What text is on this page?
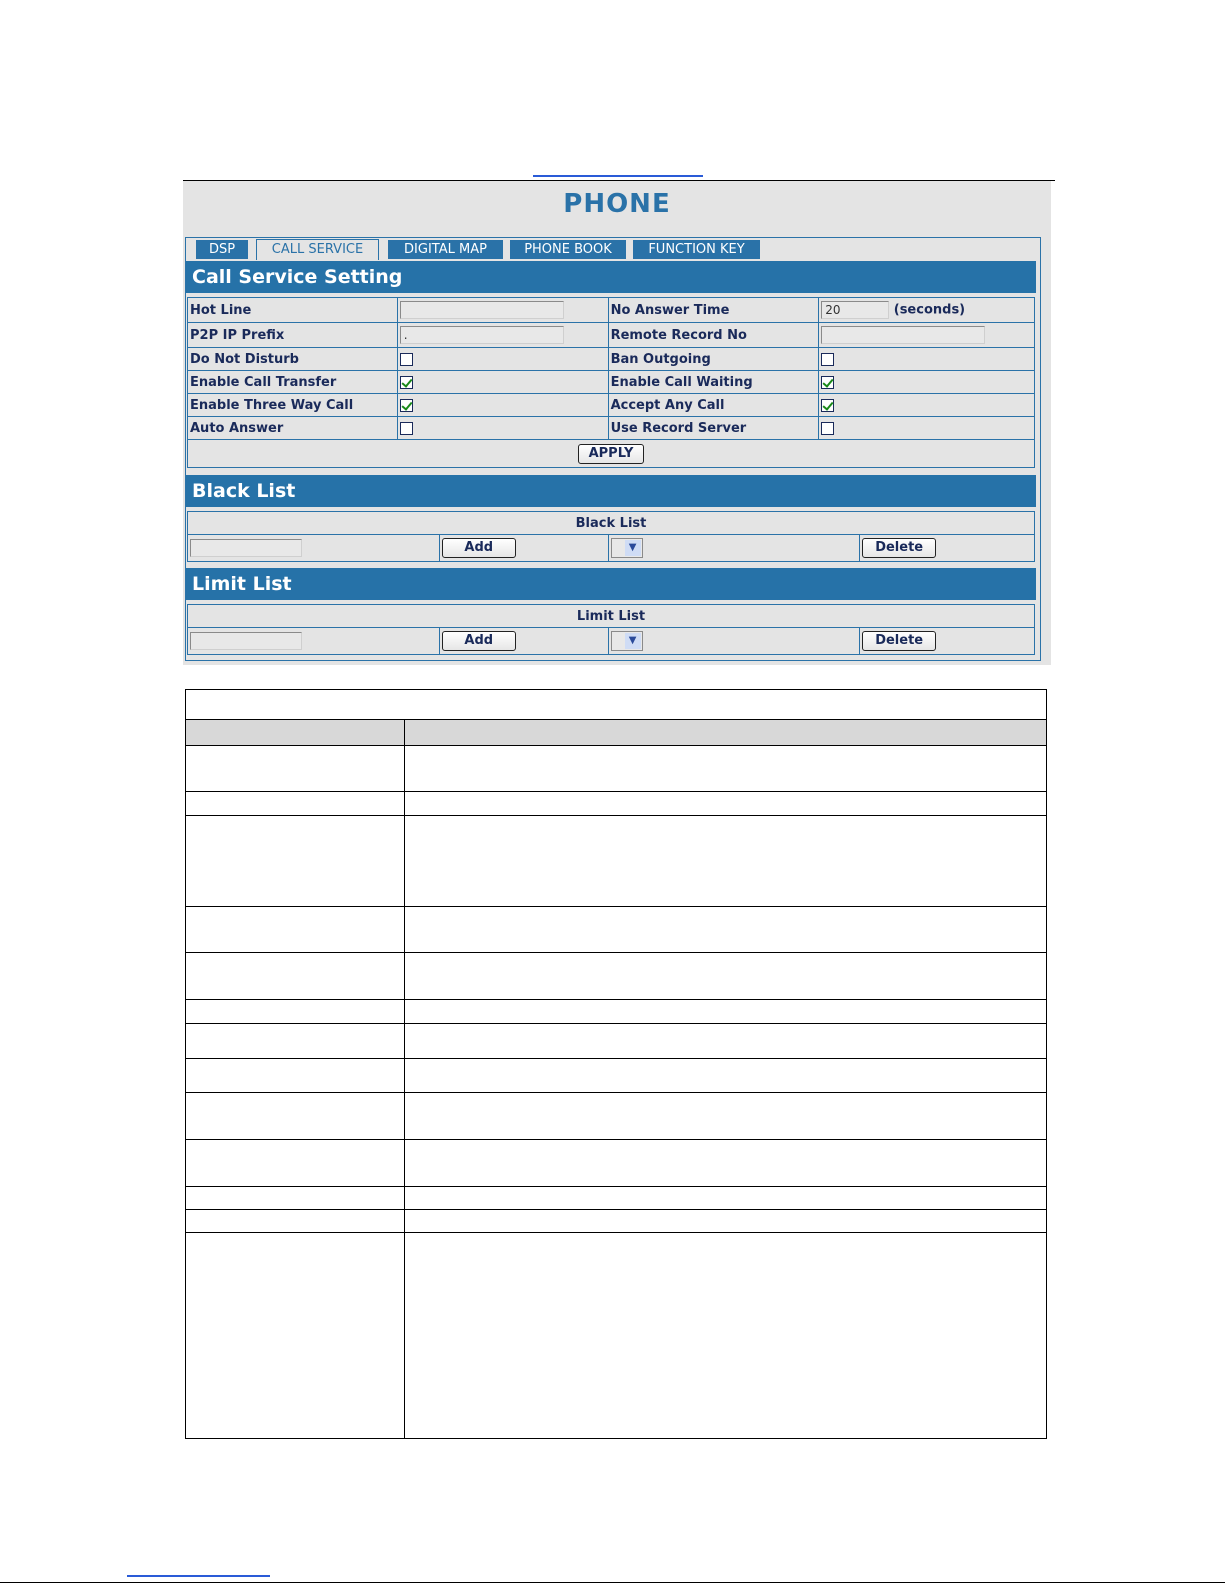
PHONE
DSP	CALL SERVICE	DIGITAL MAP	PHONE BOOK	FUNCTION KEY
Call Service Setting
Hot Line		No Answer Time	20 (seconds)
P2P IP Prefix	.	Remote Record No	
Do Not Disturb		Ban Outgoing	
Enable Call Transfer		Enable Call Waiting	
Enable Three Way Call		Accept Any Call	
Auto Answer		Use Record Server	
APPLY			
Black List
Black List
	Add	▼	Delete
Limit List
Limit List
	Add	▼	Delete
